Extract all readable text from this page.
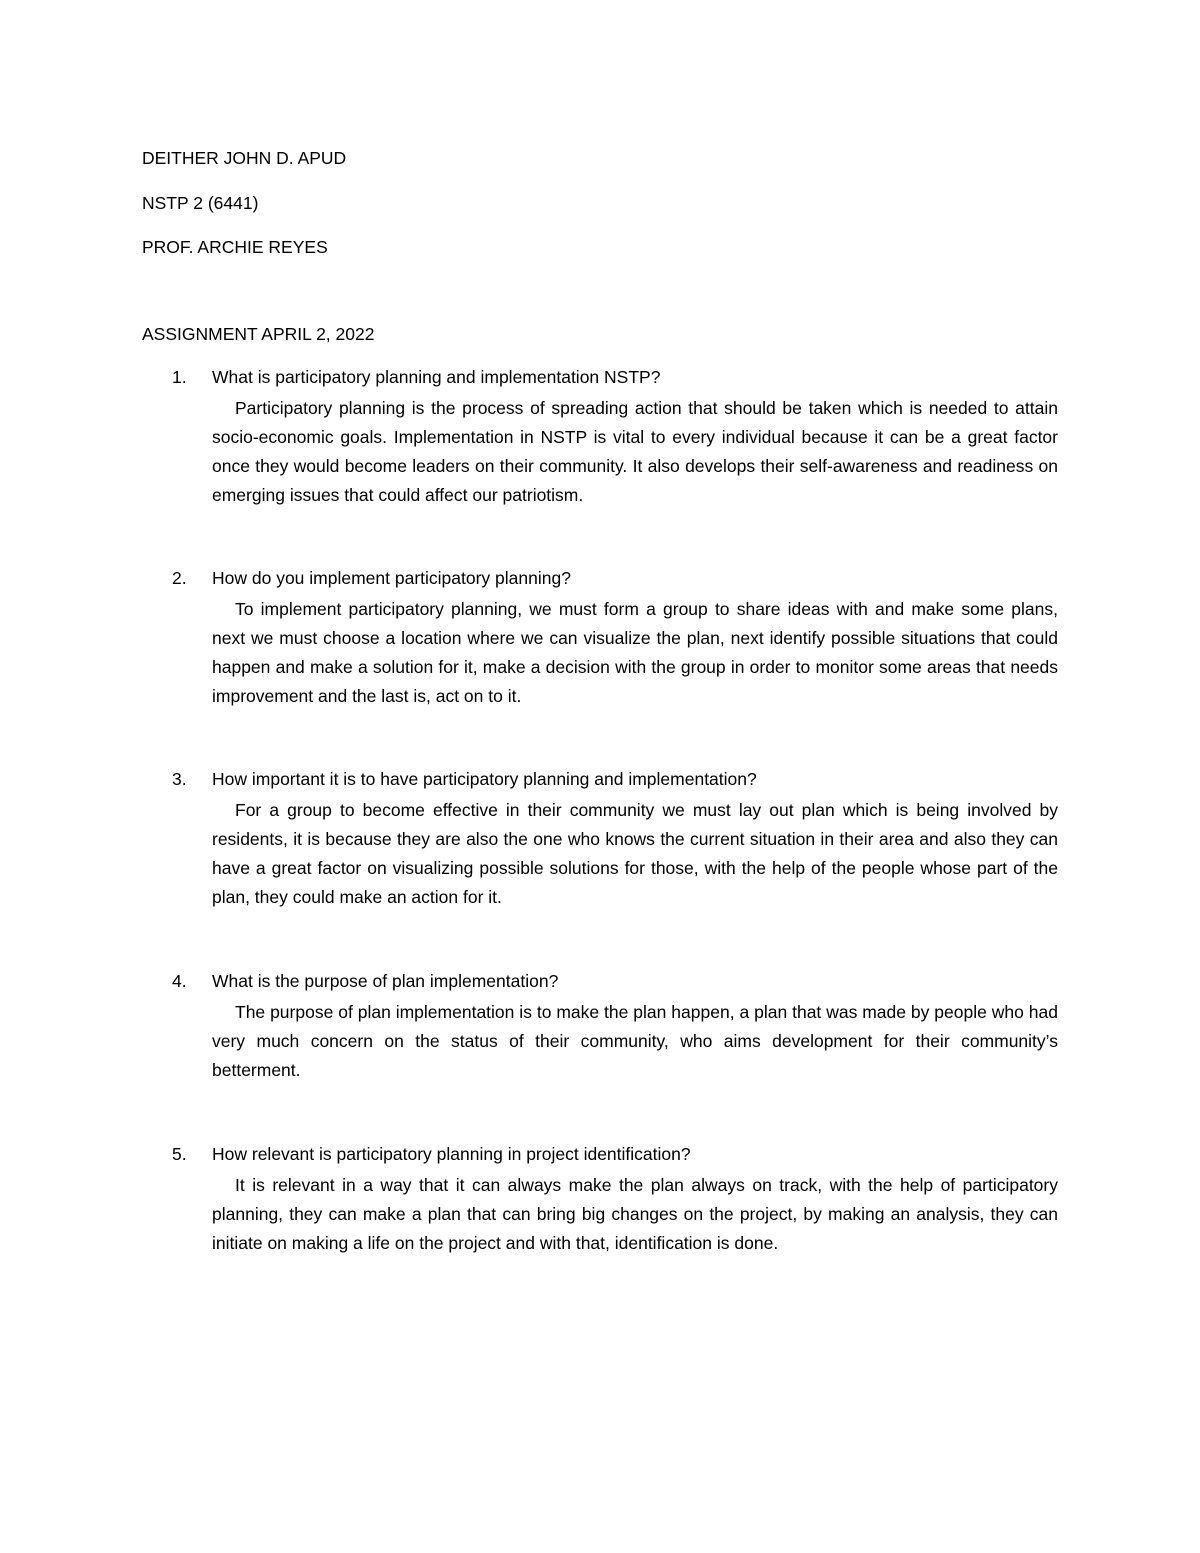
DEITHER JOHN D. APUD

NSTP 2 (6441)

PROF. ARCHIE REYES

ASSIGNMENT APRIL 2, 2022

1.	What is participatory planning and implementation NSTP?

Participatory planning is the process of spreading action that should be taken which is needed to attain socio-economic goals. Implementation in NSTP is vital to every individual because it can be a great factor once they would become leaders on their community. It also develops their self-awareness and readiness on emerging issues that could affect our patriotism.

2.	How do you implement participatory planning?

To implement participatory planning, we must form a group to share ideas with and make some plans, next we must choose a location where we can visualize the plan, next identify possible situations that could happen and make a solution for it, make a decision with the group in order to monitor some areas that needs improvement and the last is, act on to it.

3.	How important it is to have participatory planning and implementation?

For a group to become effective in their community we must lay out plan which is being involved by residents, it is because they are also the one who knows the current situation in their area and also they can have a great factor on visualizing possible solutions for those, with the help of the people whose part of the plan, they could make an action for it.

4.	What is the purpose of plan implementation?

The purpose of plan implementation is to make the plan happen, a plan that was made by people who had very much concern on the status of their community, who aims development for their community’s betterment.

5.	How relevant is participatory planning in project identification?

It is relevant in a way that it can always make the plan always on track, with the help of participatory planning, they can make a plan that can bring big changes on the project, by making an analysis, they can initiate on making a life on the project and with that, identification is done.
